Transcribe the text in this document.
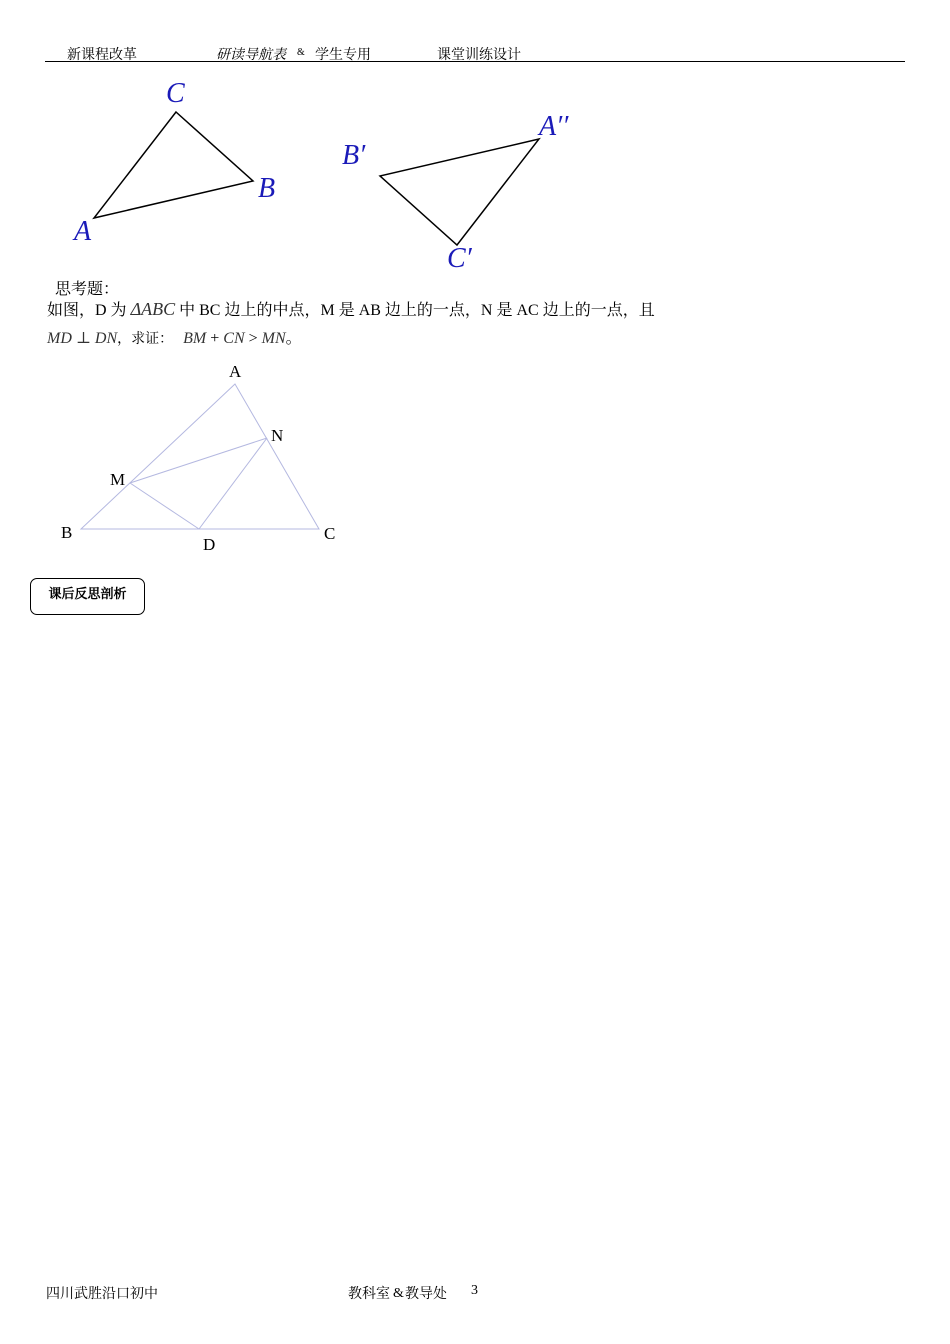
新课程改革	研读导航表 & 学生专用	课堂训练设计
C
B
A
A′′
B′
C′
思考题：
如图，D 为 ΔABC 中 BC 边上的中点，M 是 AB 边上的一点，N 是 AC 边上的一点，且
MD ⊥ DN，求证： BM + CN > MN。
A
N
M
B
D
C
课后反思剖析
四川武胜沿口初中	教科室 & 教导处 3
